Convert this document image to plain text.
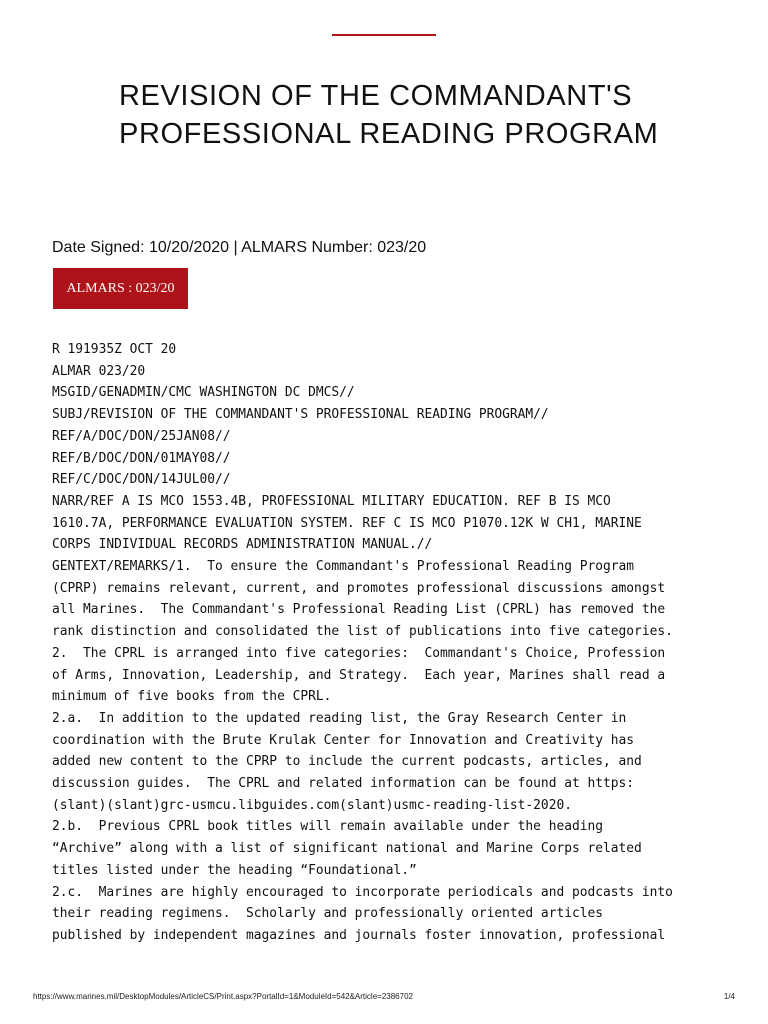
REVISION OF THE COMMANDANT'S PROFESSIONAL READING PROGRAM
Date Signed: 10/20/2020 | ALMARS Number: 023/20
ALMARS : 023/20
R 191935Z OCT 20
ALMAR 023/20
MSGID/GENADMIN/CMC WASHINGTON DC DMCS//
SUBJ/REVISION OF THE COMMANDANT'S PROFESSIONAL READING PROGRAM//
REF/A/DOC/DON/25JAN08//
REF/B/DOC/DON/01MAY08//
REF/C/DOC/DON/14JUL00//
NARR/REF A IS MCO 1553.4B, PROFESSIONAL MILITARY EDUCATION. REF B IS MCO
1610.7A, PERFORMANCE EVALUATION SYSTEM. REF C IS MCO P1070.12K W CH1, MARINE
CORPS INDIVIDUAL RECORDS ADMINISTRATION MANUAL.//
GENTEXT/REMARKS/1.  To ensure the Commandant's Professional Reading Program
(CPRP) remains relevant, current, and promotes professional discussions amongst
all Marines.  The Commandant's Professional Reading List (CPRL) has removed the
rank distinction and consolidated the list of publications into five categories.
2.  The CPRL is arranged into five categories:  Commandant's Choice, Profession
of Arms, Innovation, Leadership, and Strategy.  Each year, Marines shall read a
minimum of five books from the CPRL.
2.a.  In addition to the updated reading list, the Gray Research Center in
coordination with the Brute Krulak Center for Innovation and Creativity has
added new content to the CPRP to include the current podcasts, articles, and
discussion guides.  The CPRL and related information can be found at https:
(slant)(slant)grc-usmcu.libguides.com(slant)usmc-reading-list-2020.
2.b.  Previous CPRL book titles will remain available under the heading
“Archive” along with a list of significant national and Marine Corps related
titles listed under the heading “Foundational.”
2.c.  Marines are highly encouraged to incorporate periodicals and podcasts into
their reading regimens.  Scholarly and professionally oriented articles
published by independent magazines and journals foster innovation, professional
https://www.marines.mil/DesktopModules/ArticleCS/Print.aspx?PortalId=1&ModuleId=542&Article=2386702	1/4
